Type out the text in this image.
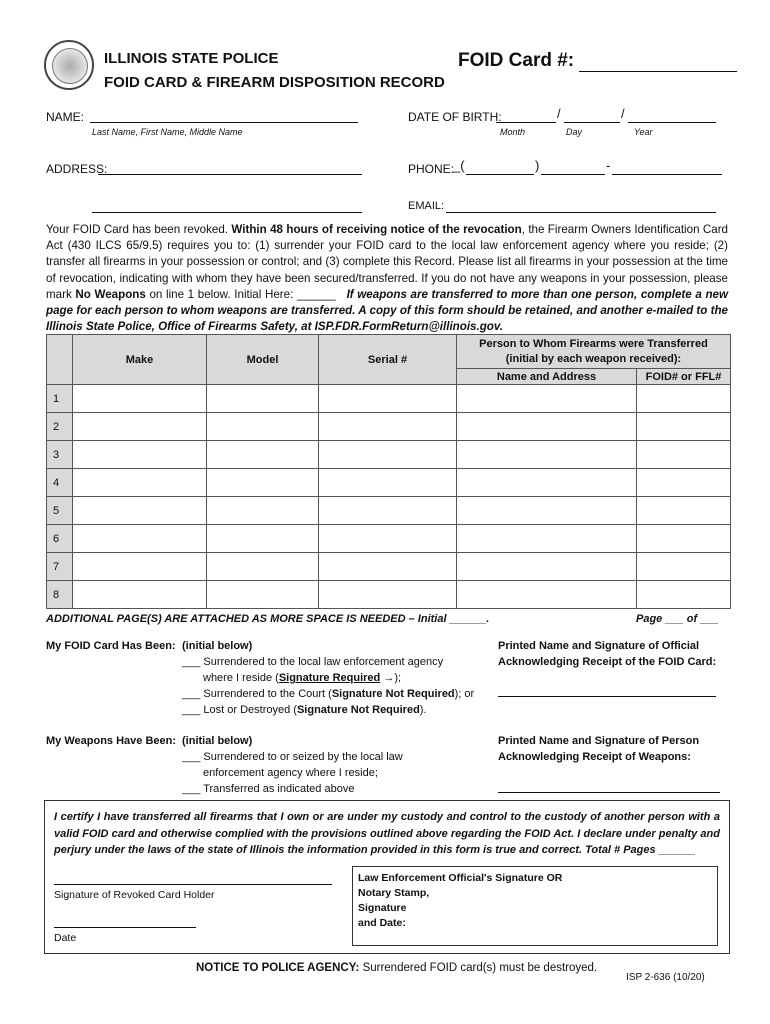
ILLINOIS STATE POLICE
FOID CARD & FIREARM DISPOSITION RECORD
FOID Card #:
NAME:
Last Name, First Name, Middle Name
DATE OF BIRTH:	/	/
Month	Day	Year
ADDRESS:	PHONE:
_(	)	-
EMAIL:
Your FOID Card has been revoked. Within 48 hours of receiving notice of the revocation, the Firearm Owners Identification Card Act (430 ILCS 65/9.5) requires you to: (1) surrender your FOID card to the local law enforcement agency where you reside; (2) transfer all firearms in your possession or control; and (3) complete this Record. Please list all firearms in your possession at the time of revocation, indicating with whom they have been secured/transferred. If you do not have any weapons in your possession, please mark No Weapons on line 1 below. Initial Here: ______ If weapons are transferred to more than one person, complete a new page for each person to whom weapons are transferred. A copy of this form should be retained, and another e-mailed to the Illinois State Police, Office of Firearms Safety, at ISP.FDR.FormReturn@illinois.gov.
	Make	Model	Serial #	Person to Whom Firearms were Transferred
(initial by each weapon received):	

				Name and Address	FOID# or FFL#
1					
2					
3					
4					
5					
6					
7					
8					
ADDITIONAL PAGE(S) ARE ATTACHED AS MORE SPACE IS NEEDED – Initial ______.	Page ___ of ___
My FOID Card Has Been: (initial below)
___ Surrendered to the local law enforcement agency
where I reside (Signature Required →);
___ Surrendered to the Court (Signature Not Required); or
___ Lost or Destroyed (Signature Not Required).
Printed Name and Signature of Official
Acknowledging Receipt of the FOID Card:
My Weapons Have Been: (initial below)
___ Surrendered to or seized by the local law
enforcement agency where I reside;
___ Transferred as indicated above
Printed Name and Signature of Person
Acknowledging Receipt of Weapons:
I certify I have transferred all firearms that I own or are under my custody and control to the custody of another person with a valid FOID card and otherwise complied with the provisions outlined above regarding the FOID Act. I declare under penalty and perjury under the laws of the state of Illinois the information provided in this form is true and correct. Total # Pages ______
Signature of Revoked Card Holder
Date
Law Enforcement Official's Signature OR
Notary Stamp,
Signature
and Date:
NOTICE TO POLICE AGENCY: Surrendered FOID card(s) must be destroyed.
ISP 2-636 (10/20)
